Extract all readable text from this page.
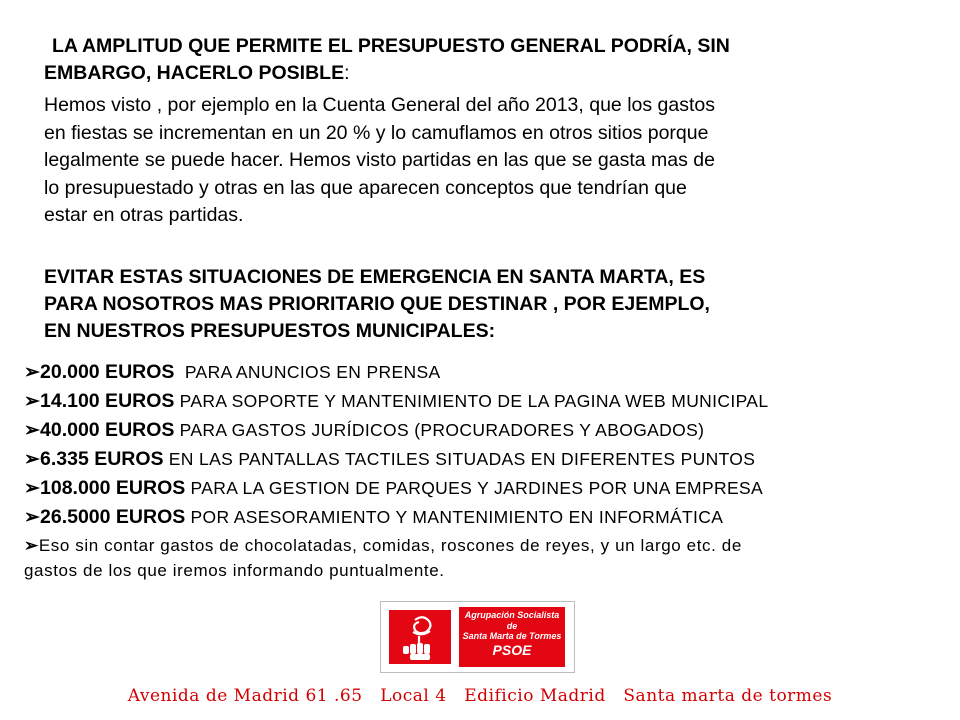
LA AMPLITUD QUE PERMITE EL PRESUPUESTO GENERAL PODRÍA, SIN
EMBARGO, HACERLO POSIBLE:
Hemos visto , por ejemplo en la Cuenta General del año 2013, que los gastos
en fiestas se incrementan en un 20 % y lo camuflamos en otros sitios porque
legalmente se puede hacer. Hemos visto partidas en las que se gasta mas de
lo presupuestado y otras en las que aparecen conceptos que tendrían que
estar en otras partidas.
EVITAR ESTAS SITUACIONES DE EMERGENCIA EN SANTA MARTA, ES
PARA NOSOTROS MAS PRIORITARIO QUE DESTINAR , POR EJEMPLO,
EN NUESTROS PRESUPUESTOS MUNICIPALES:
➢20.000 EUROS  PARA ANUNCIOS EN PRENSA
➢14.100 EUROS PARA SOPORTE Y MANTENIMIENTO DE LA PAGINA WEB MUNICIPAL
➢40.000 EUROS PARA GASTOS JURÍDICOS (PROCURADORES Y ABOGADOS)
➢6.335 EUROS EN LAS PANTALLAS TACTILES SITUADAS EN DIFERENTES PUNTOS
➢108.000 EUROS PARA LA GESTION DE PARQUES Y JARDINES POR UNA EMPRESA
➢26.5000 EUROS POR ASESORAMIENTO Y MANTENIMIENTO EN INFORMÁTICA
➢Eso sin contar gastos de chocolatadas, comidas, roscones de reyes, y un largo etc. de
gastos de los que iremos informando puntualmente.
Agrupación Socialista
de
Santa Marta de Tormes
PSOE
Avenida de Madrid 61 .65   Local 4   Edificio Madrid   Santa marta de tormes
